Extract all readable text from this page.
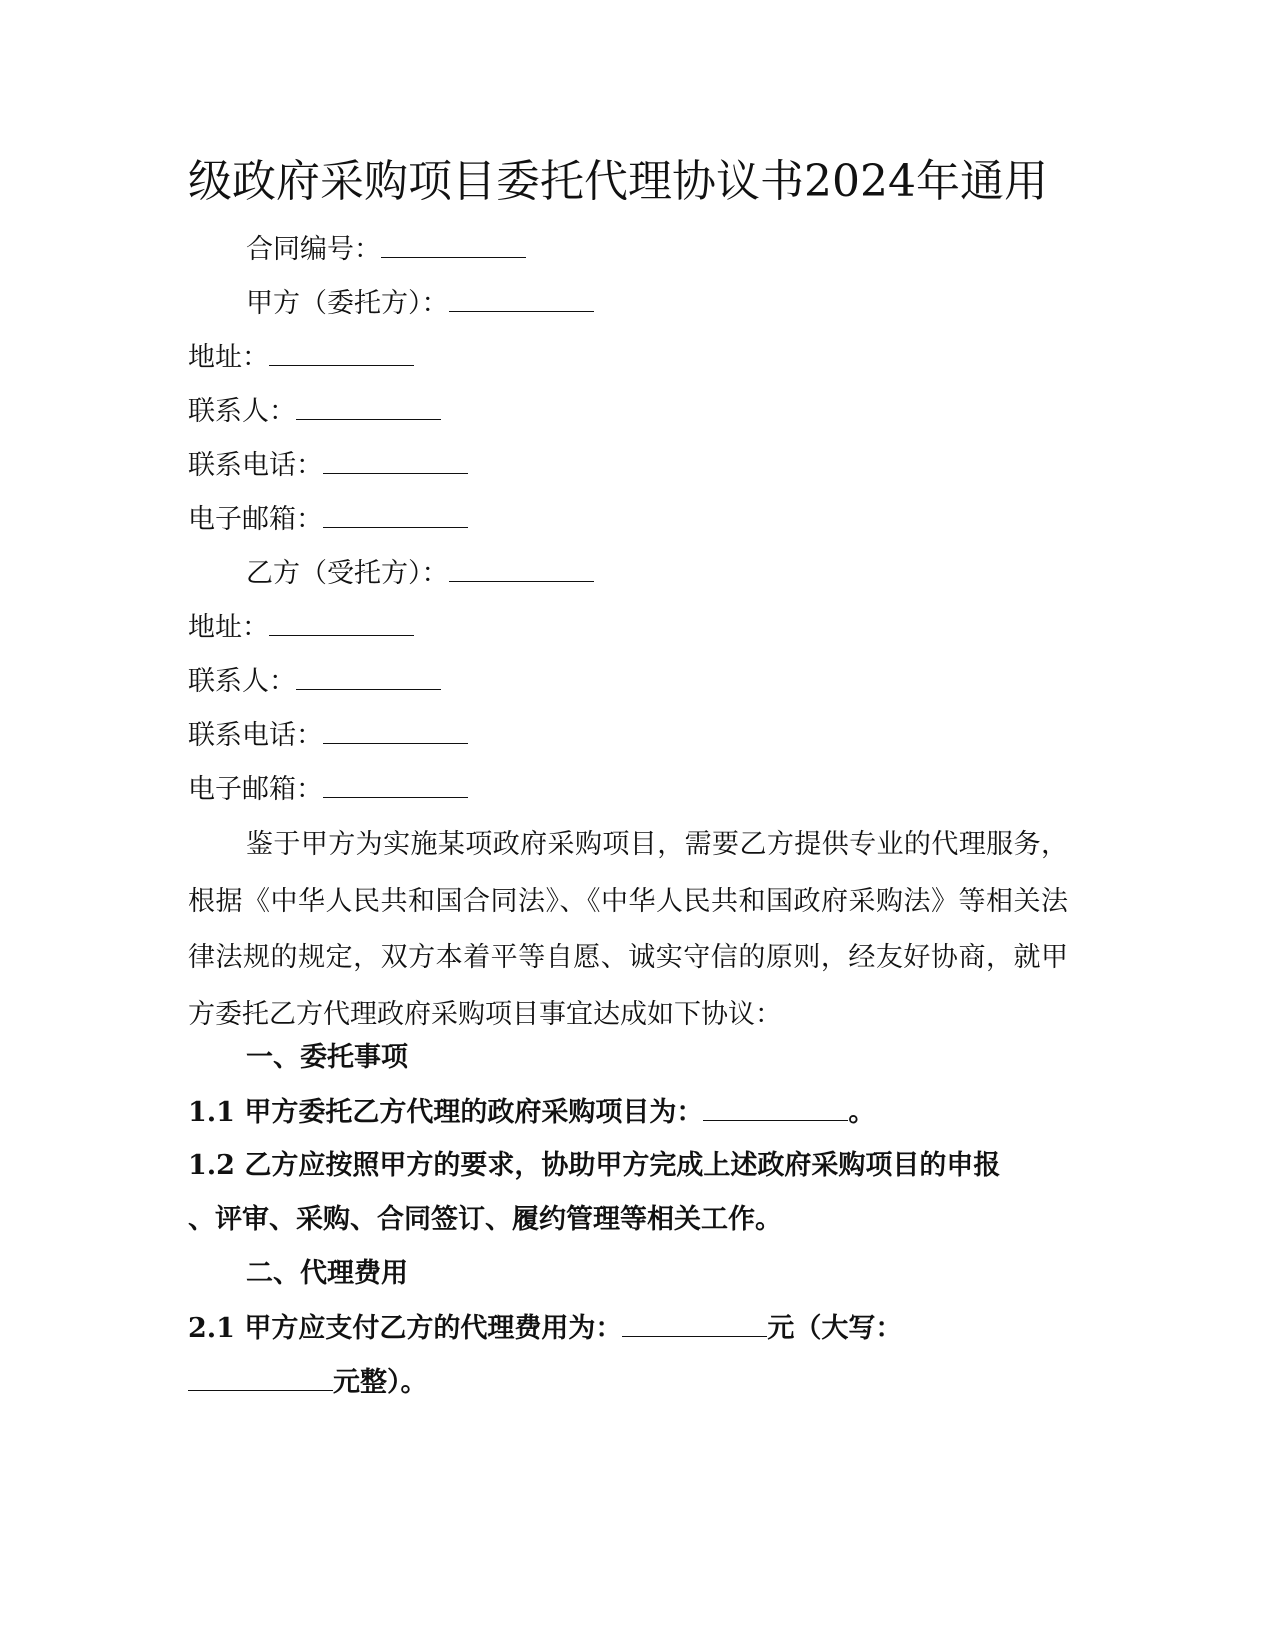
级政府采购项目委托代理协议书2024年通用
合同编号：
甲方（委托方）：
地址：
联系人：
联系电话：
电子邮箱：
乙方（受托方）：
地址：
联系人：
联系电话：
电子邮箱：
鉴于甲方为实施某项政府采购项目，需要乙方提供专业的代理服务，根据《中华人民共和国合同法》、《中华人民共和国政府采购法》等相关法律法规的规定，双方本着平等自愿、诚实守信的原则，经友好协商，就甲方委托乙方代理政府采购项目事宜达成如下协议：
一、委托事项
1.1 甲方委托乙方代理的政府采购项目为：	。
1.2 乙方应按照甲方的要求，协助甲方完成上述政府采购项目的申报
、评审、采购、合同签订、履约管理等相关工作。
二、代理费用
2.1 甲方应支付乙方的代理费用为：	元（大写：
元整）。
